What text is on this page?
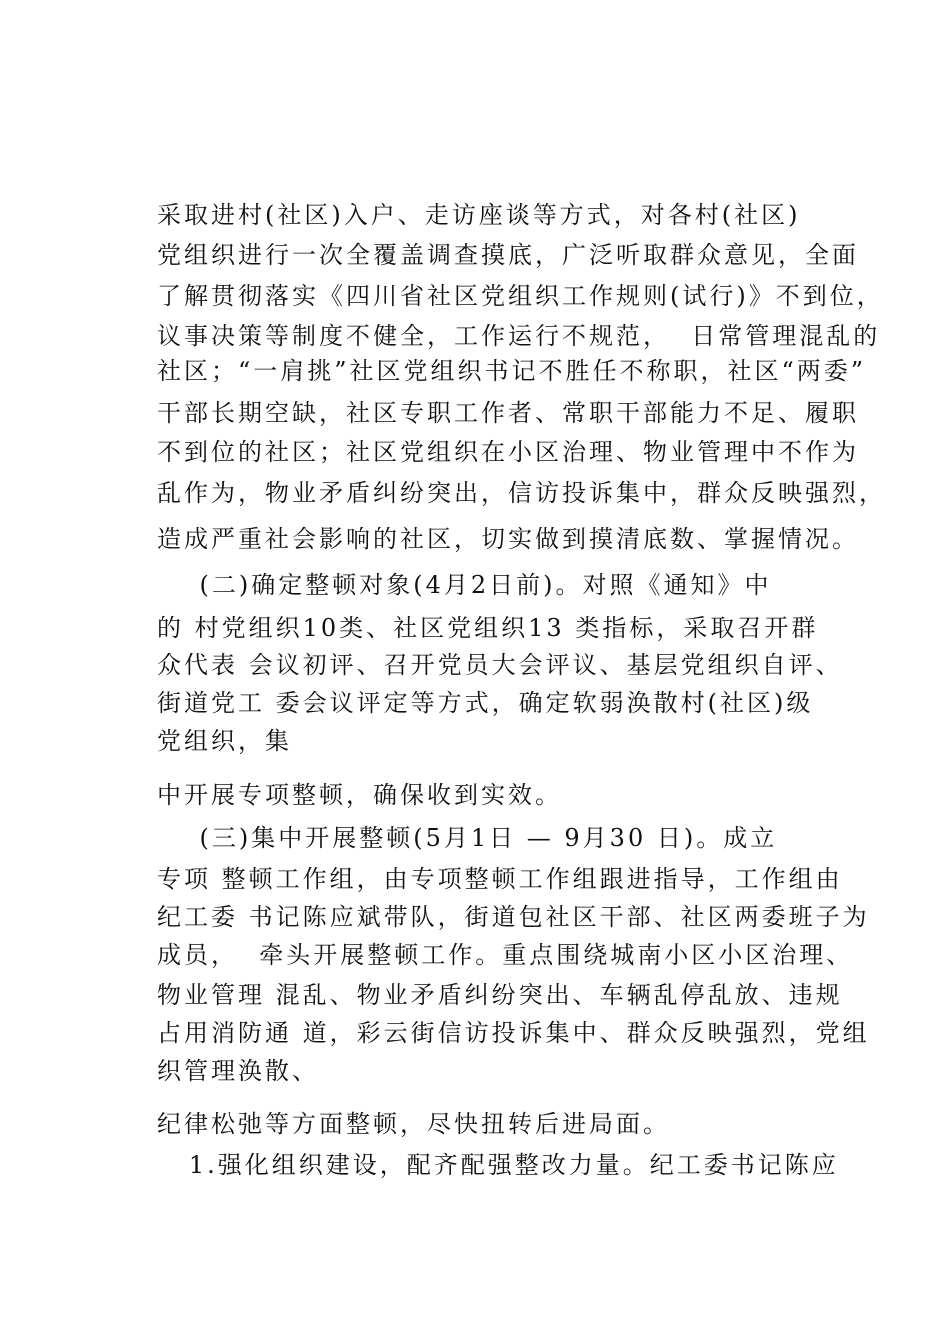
采取进村(社区)入户、走访座谈等方式，对各村(社区)
党组织进行一次全覆盖调查摸底，广泛听取群众意见，全面
了解贯彻落实《四川省社区党组织工作规则(试行)》不到位，
议事决策等制度不健全，工作运行不规范，  日常管理混乱的
社区；“一肩挑”社区党组织书记不胜任不称职，社区“两委”
干部长期空缺，社区专职工作者、常职干部能力不足、履职
不到位的社区；社区党组织在小区治理、物业管理中不作为
乱作为，物业矛盾纠纷突出，信访投诉集中，群众反映强烈，
造成严重社会影响的社区，切实做到摸清底数、掌握情况。
(二)确定整顿对象(4月2日前)。对照《通知》中
的 村党组织10类、社区党组织13 类指标，采取召开群
众代表 会议初评、召开党员大会评议、基层党组织自评、
街道党工 委会议评定等方式，确定软弱涣散村(社区)级
党组织，集
中开展专项整顿，确保收到实效。
(三)集中开展整顿(5月1日 — 9月30 日)。成立
专项 整顿工作组，由专项整顿工作组跟进指导，工作组由
纪工委 书记陈应斌带队，街道包社区干部、社区两委班子为
成员，  牵头开展整顿工作。重点围绕城南小区小区治理、
物业管理 混乱、物业矛盾纠纷突出、车辆乱停乱放、违规
占用消防通 道，彩云街信访投诉集中、群众反映强烈，党组
织管理涣散、
纪律松弛等方面整顿，尽快扭转后进局面。
1.强化组织建设，配齐配强整改力量。纪工委书记陈应
